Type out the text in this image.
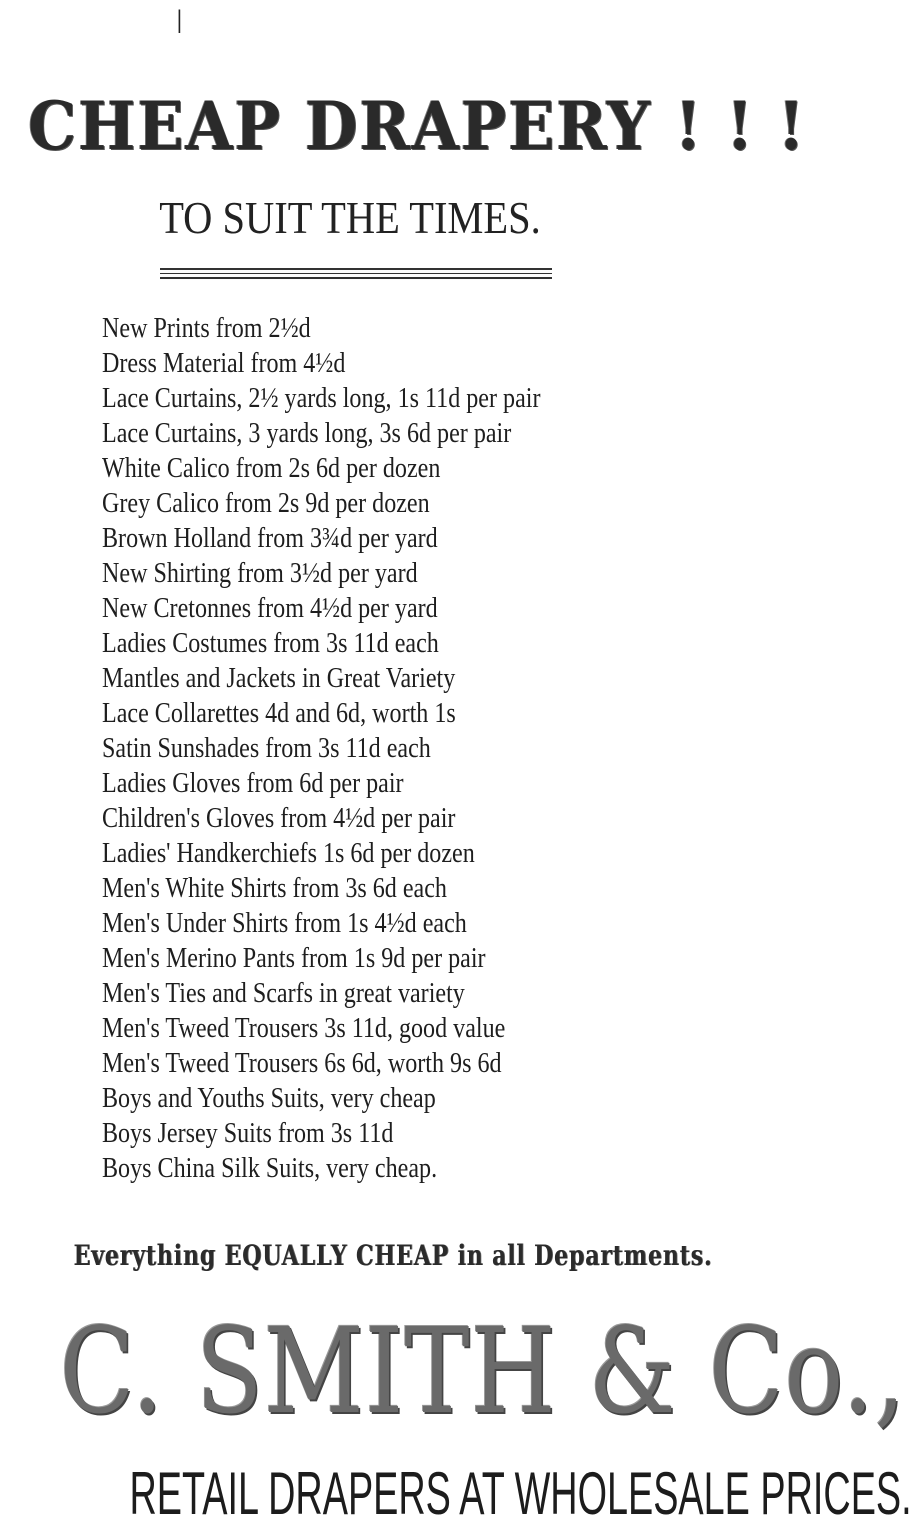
ǀ
CHEAP DRAPERY ! ! !
TO SUIT THE TIMES.
New Prints from 2½d
Dress Material from 4½d
Lace Curtains, 2½ yards long, 1s 11d per pair
Lace Curtains, 3 yards long, 3s 6d per pair
White Calico from 2s 6d per dozen
Grey Calico from 2s 9d per dozen
Brown Holland from 3¾d per yard
New Shirting from 3½d per yard
New Cretonnes from 4½d per yard
Ladies Costumes from 3s 11d each
Mantles and Jackets in Great Variety
Lace Collarettes 4d and 6d, worth 1s
Satin Sunshades from 3s 11d each
Ladies Gloves from 6d per pair
Children's Gloves from 4½d per pair
Ladies' Handkerchiefs 1s 6d per dozen
Men's White Shirts from 3s 6d each
Men's Under Shirts from 1s 4½d each
Men's Merino Pants from 1s 9d per pair
Men's Ties and Scarfs in great variety
Men's Tweed Trousers 3s 11d, good value
Men's Tweed Trousers 6s 6d, worth 9s 6d
Boys and Youths Suits, very cheap
Boys Jersey Suits from 3s 11d
Boys China Silk Suits, very cheap.
Everything EQUALLY CHEAP in all Departments.
C. SMITH & Co.,
RETAIL DRAPERS AT WHOLESALE PRICES.
